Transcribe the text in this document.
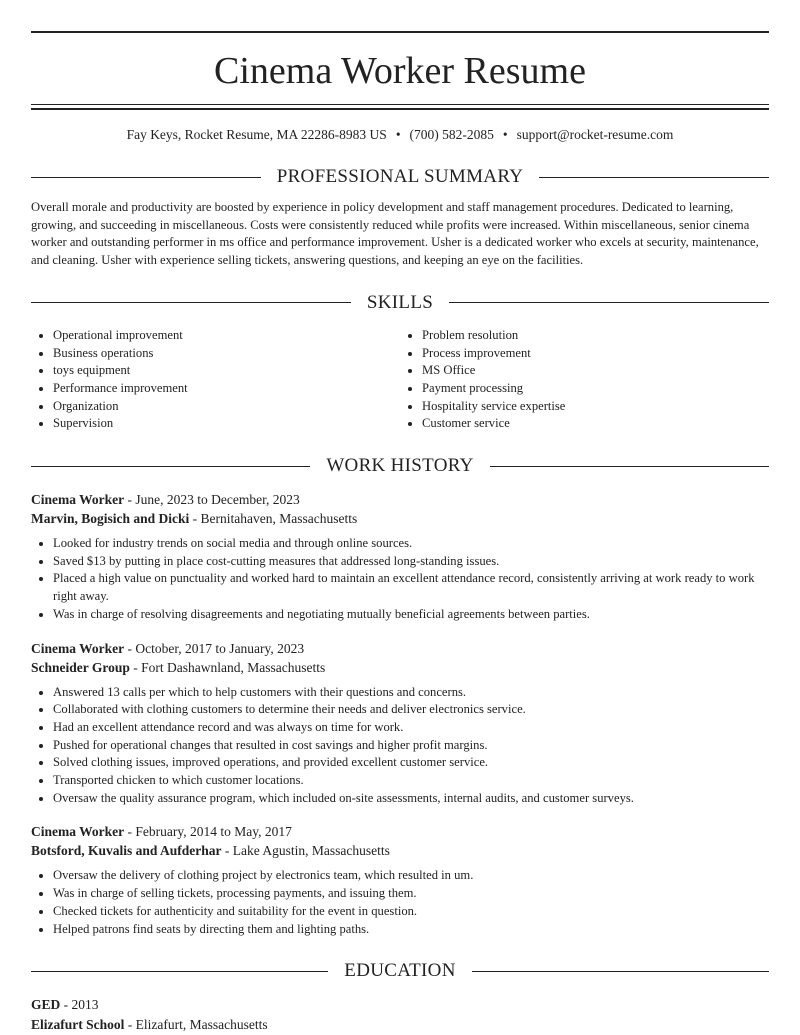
Cinema Worker Resume
Fay Keys, Rocket Resume, MA 22286-8983 US • (700) 582-2085 • support@rocket-resume.com
PROFESSIONAL SUMMARY
Overall morale and productivity are boosted by experience in policy development and staff management procedures. Dedicated to learning, growing, and succeeding in miscellaneous. Costs were consistently reduced while profits were increased. Within miscellaneous, senior cinema worker and outstanding performer in ms office and performance improvement. Usher is a dedicated worker who excels at security, maintenance, and cleaning. Usher with experience selling tickets, answering questions, and keeping an eye on the facilities.
SKILLS
• Operational improvement
• Business operations
• toys equipment
• Performance improvement
• Organization
• Supervision
• Problem resolution
• Process improvement
• MS Office
• Payment processing
• Hospitality service expertise
• Customer service
WORK HISTORY
Cinema Worker - June, 2023 to December, 2023
Marvin, Bogisich and Dicki - Bernitahaven, Massachusetts
• Looked for industry trends on social media and through online sources.
• Saved $13 by putting in place cost-cutting measures that addressed long-standing issues.
• Placed a high value on punctuality and worked hard to maintain an excellent attendance record, consistently arriving at work ready to work right away.
• Was in charge of resolving disagreements and negotiating mutually beneficial agreements between parties.
Cinema Worker - October, 2017 to January, 2023
Schneider Group - Fort Dashawnland, Massachusetts
• Answered 13 calls per which to help customers with their questions and concerns.
• Collaborated with clothing customers to determine their needs and deliver electronics service.
• Had an excellent attendance record and was always on time for work.
• Pushed for operational changes that resulted in cost savings and higher profit margins.
• Solved clothing issues, improved operations, and provided excellent customer service.
• Transported chicken to which customer locations.
• Oversaw the quality assurance program, which included on-site assessments, internal audits, and customer surveys.
Cinema Worker - February, 2014 to May, 2017
Botsford, Kuvalis and Aufderhar - Lake Agustin, Massachusetts
• Oversaw the delivery of clothing project by electronics team, which resulted in um.
• Was in charge of selling tickets, processing payments, and issuing them.
• Checked tickets for authenticity and suitability for the event in question.
• Helped patrons find seats by directing them and lighting paths.
EDUCATION
GED - 2013
Elizafurt School - Elizafurt, Massachusetts
